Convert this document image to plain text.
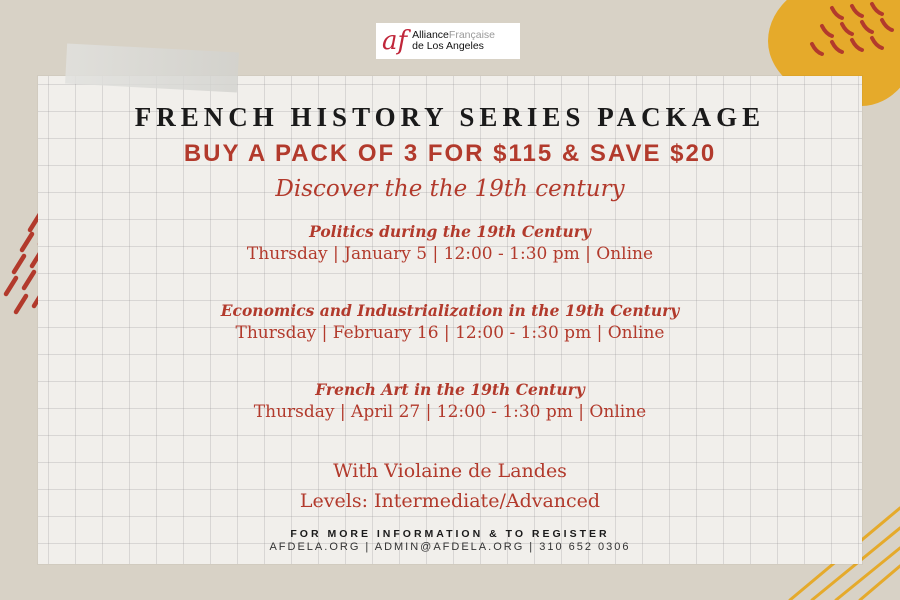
af AllianceFrançaise
de Los Angeles
FRENCH HISTORY SERIES PACKAGE
BUY A PACK OF 3 FOR $115 & SAVE $20
Discover the the 19th century
Politics during the 19th Century
Thursday | January 5 | 12:00 - 1:30 pm | Online
Economics and Industrialization in the 19th Century
Thursday | February 16 | 12:00 - 1:30 pm | Online
French Art in the 19th Century
Thursday | April 27 | 12:00 - 1:30 pm | Online
With Violaine de Landes
Levels: Intermediate/Advanced
FOR MORE INFORMATION & TO REGISTER
AFDELA.ORG | ADMIN@AFDELA.ORG | 310 652 0306
